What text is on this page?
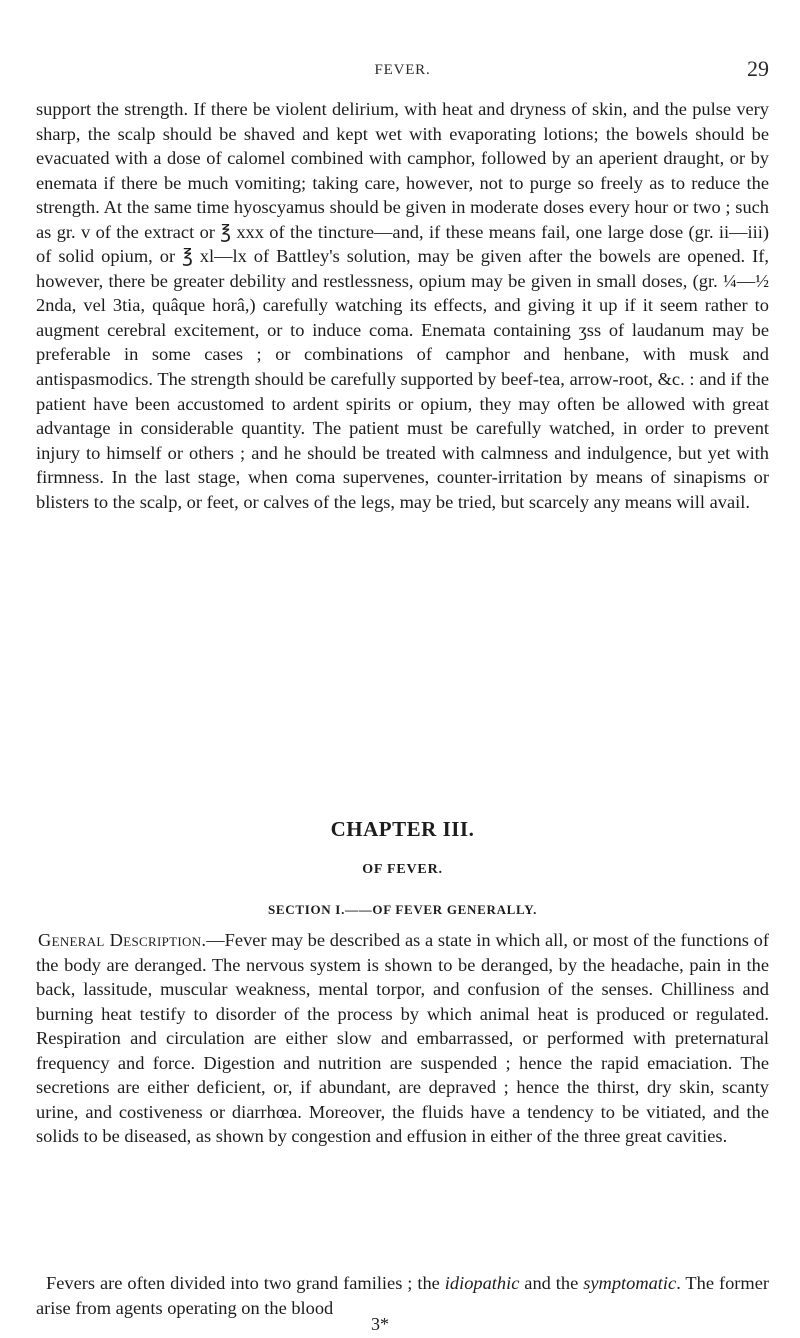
FEVER.	29

support the strength. If there be violent delirium, with heat and dryness of skin, and the pulse very sharp, the scalp should be shaved and kept wet with evaporating lotions; the bowels should be evacuated with a dose of calomel combined with camphor, followed by an aperient draught, or by enemata if there be much vomiting; taking care, however, not to purge so freely as to reduce the strength. At the same time hyoscyamus should be given in moderate doses every hour or two ; such as gr. v of the extract or ℥ xxx of the tincture—and, if these means fail, one large dose (gr. ii—iii) of solid opium, or ℥ xl—lx of Battley's solution, may be given after the bowels are opened. If, however, there be greater debility and restlessness, opium may be given in small doses, (gr. ¼—½ 2nda, vel 3tia, quâque horâ,) carefully watching its effects, and giving it up if it seem rather to augment cerebral excitement, or to induce coma. Enemata containing ʒss of laudanum may be preferable in some cases ; or combinations of camphor and henbane, with musk and antispasmodics. The strength should be carefully supported by beef-tea, arrow-root, &c. : and if the patient have been accustomed to ardent spirits or opium, they may often be allowed with great advantage in considerable quantity. The patient must be carefully watched, in order to prevent injury to himself or others ; and he should be treated with calmness and indulgence, but yet with firmness. In the last stage, when coma supervenes, counter-irritation by means of sinapisms or blisters to the scalp, or feet, or calves of the legs, may be tried, but scarcely any means will avail.

CHAPTER III.
OF FEVER.
SECTION I.——OF FEVER GENERALLY.

General Description.—Fever may be described as a state in which all, or most of the functions of the body are deranged. The nervous system is shown to be deranged, by the headache, pain in the back, lassitude, muscular weakness, mental torpor, and confusion of the senses. Chilliness and burning heat testify to disorder of the process by which animal heat is produced or regulated. Respiration and circulation are either slow and embarrassed, or performed with preternatural frequency and force. Digestion and nutrition are suspended ; hence the rapid emaciation. The secretions are either deficient, or, if abundant, are depraved ; hence the thirst, dry skin, scanty urine, and costiveness or diarrhœa. Moreover, the fluids have a tendency to be vitiated, and the solids to be diseased, as shown by congestion and effusion in either of the three great cavities.

Fevers are often divided into two grand families ; the idiopathic and the symptomatic. The former arise from agents operating on the blood

3*
